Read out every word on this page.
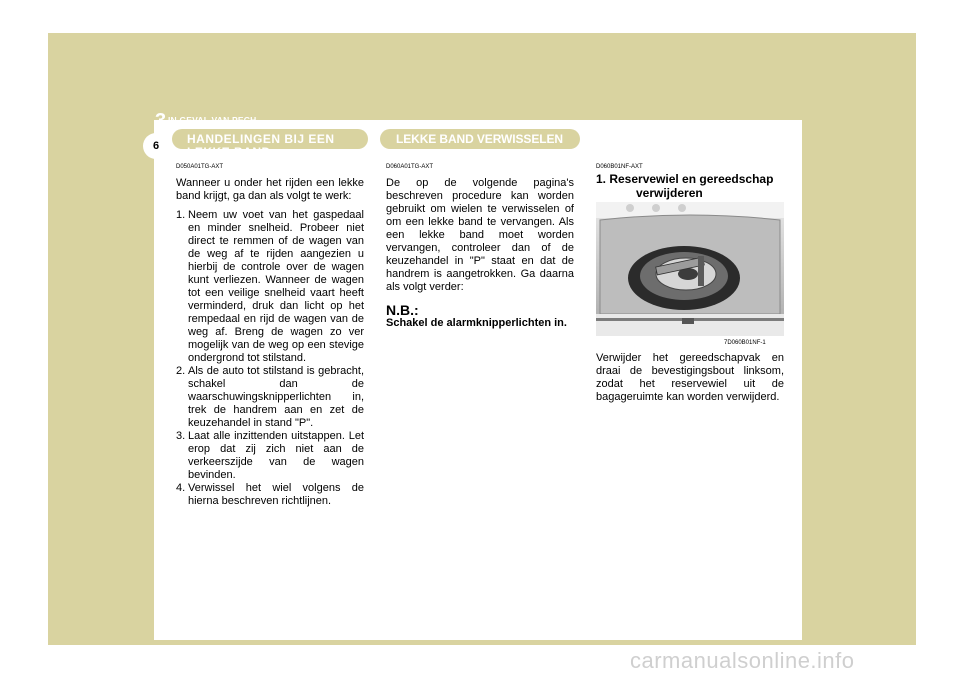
3 IN GEVAL VAN PECH
6	HANDELINGEN BIJ EEN LEKKE BAND
LEKKE BAND VERWISSELEN
D050A01TG-AXT	D060A01TG-AXT	D060B01NF-AXT
Wanneer u onder het rijden een lekke band krijgt, ga dan als volgt te werk:
1. Neem uw voet van het gaspedaal en minder snelheid. Probeer niet direct te remmen of de wagen van de weg af te rijden aangezien u hierbij de controle over de wagen kunt verliezen. Wanneer de wagen tot een veilige snelheid vaart heeft verminderd, druk dan licht op het rempedaal en rijd de wagen van de weg af. Breng de wagen zo ver mogelijk van de weg op een stevige ondergrond tot stilstand.
2. Als de auto tot stilstand is gebracht, schakel dan de waarschuwingsknipperlichten in, trek de handrem aan en zet de keuzehandel in stand "P".
3. Laat alle inzittenden uitstappen. Let erop dat zij zich niet aan de verkeerszijde van de wagen bevinden.
4. Verwissel het wiel volgens de hierna beschreven richtlijnen.
De op de volgende pagina's beschreven procedure kan worden gebruikt om wielen te verwisselen of om een lekke band te vervangen. Als een lekke band moet worden vervangen, controleer dan of de keuzehandel in "P" staat en dat de handrem is aangetrokken. Ga daarna als volgt verder:
N.B.:
Schakel de alarmknipperlichten in.
1. Reservewiel en gereedschap
verwijderen
7D060B01NF-1
Verwijder het gereedschapvak en draai de bevestigingsbout linksom, zodat het reservewiel uit de bagageruimte kan worden verwijderd.
carmanualsonline.info
